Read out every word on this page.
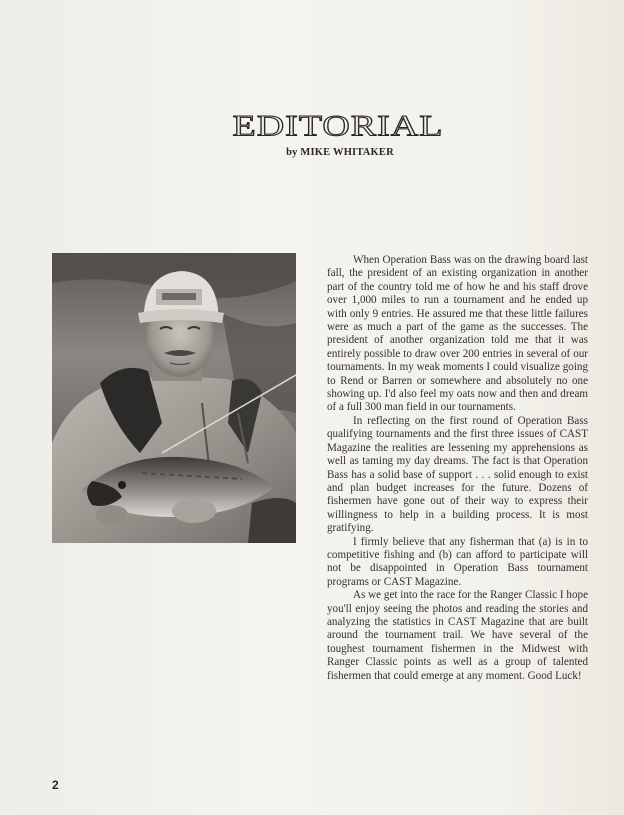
EDITORIAL

by MIKE WHITAKER

When Operation Bass was on the drawing board last fall, the president of an existing organization in another part of the country told me of how he and his staff drove over 1,000 miles to run a tournament and he ended up with only 9 entries. He assured me that these little failures were as much a part of the game as the successes. The president of another organization told me that it was entirely possible to draw over 200 entries in several of our tournaments. In my weak moments I could visualize going to Rend or Barren or somewhere and absolutely no one showing up. I'd also feel my oats now and then and dream of a full 300 man field in our tournaments.

In reflecting on the first round of Operation Bass qualifying tournaments and the first three issues of CAST Magazine the realities are lessening my apprehensions as well as taming my day dreams. The fact is that Operation Bass has a solid base of support . . . solid enough to exist and plan budget increases for the future. Dozens of fishermen have gone out of their way to express their willingness to help in a building process. It is most gratifying.

I firmly believe that any fisherman that (a) is in to competitive fishing and (b) can afford to participate will not be disappointed in Operation Bass tournament programs or CAST Magazine.

As we get into the race for the Ranger Classic I hope you'll enjoy seeing the photos and reading the stories and analyzing the statistics in CAST Magazine that are built around the tournament trail. We have several of the toughest tournament fishermen in the Midwest with Ranger Classic points as well as a group of talented fishermen that could emerge at any moment. Good Luck!

2
